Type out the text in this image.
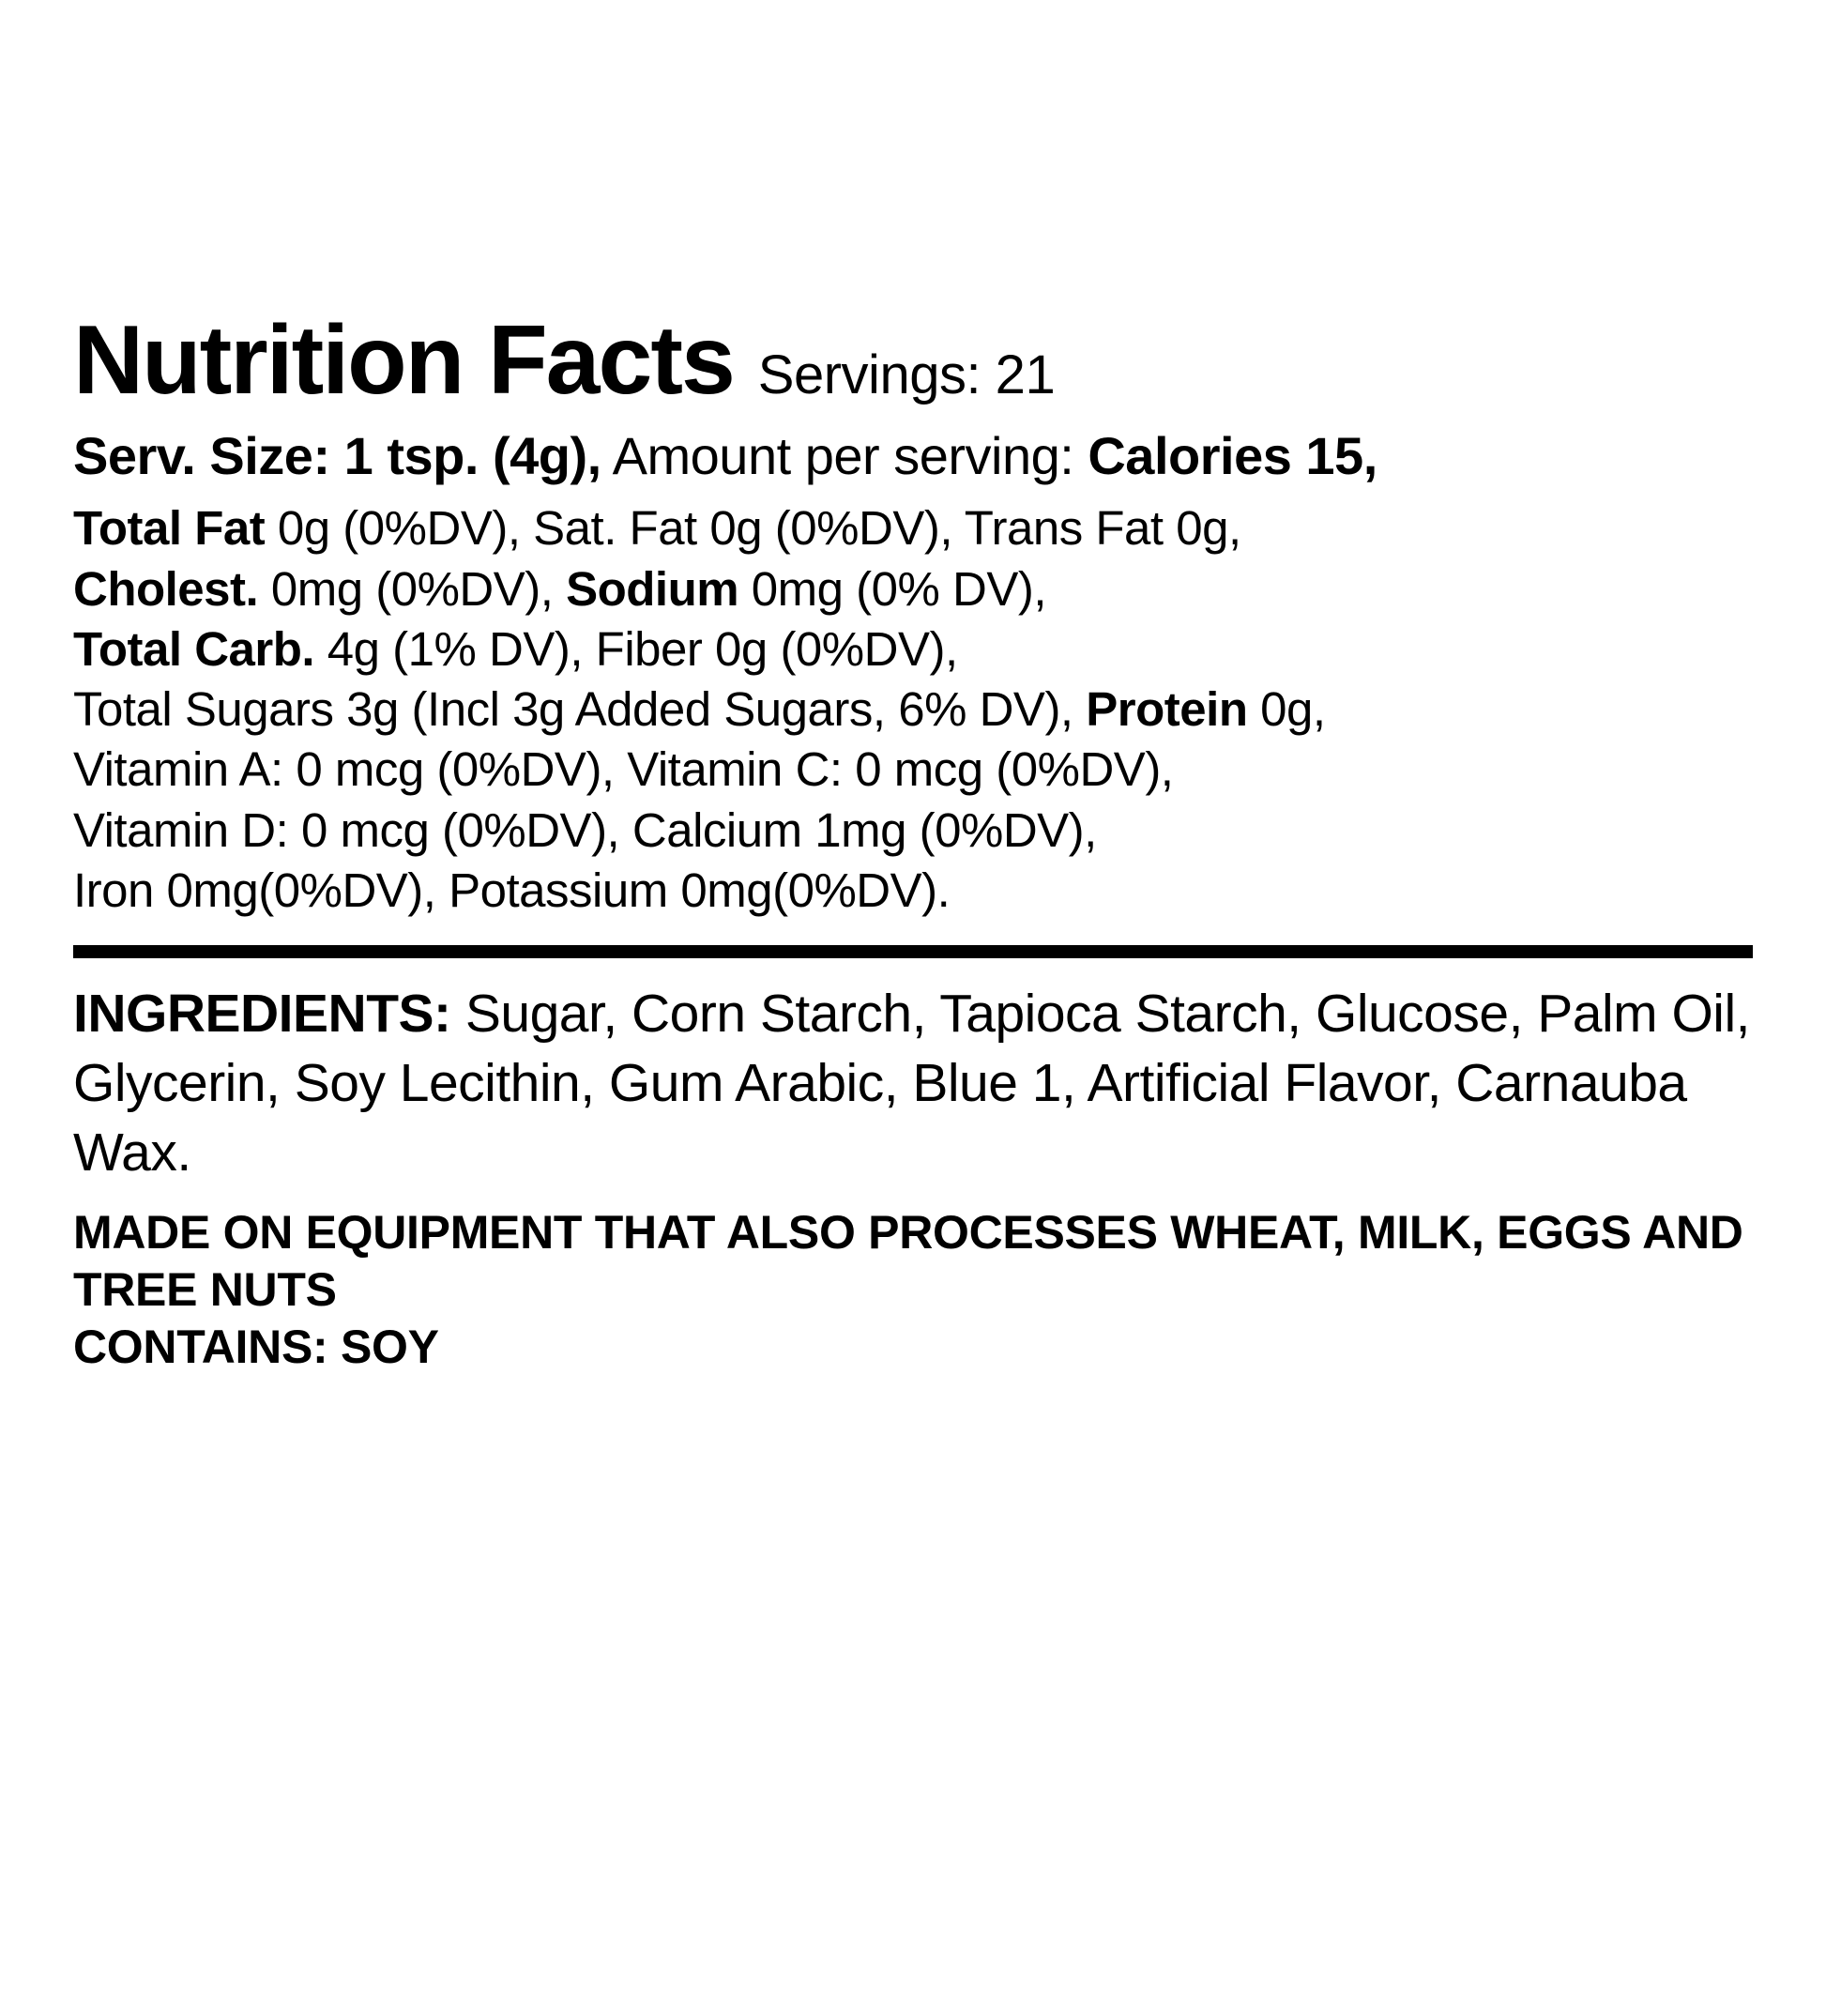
Nutrition Facts Servings: 21
Serv. Size: 1 tsp. (4g), Amount per serving: Calories 15,
Total Fat 0g (0%DV), Sat. Fat 0g (0%DV), Trans Fat 0g,
Cholest. 0mg (0%DV), Sodium 0mg (0% DV),
Total Carb. 4g (1% DV), Fiber 0g (0%DV),
Total Sugars 3g (Incl 3g Added Sugars, 6% DV), Protein 0g,
Vitamin A: 0 mcg (0%DV), Vitamin C: 0 mcg (0%DV),
Vitamin D: 0 mcg (0%DV), Calcium 1mg (0%DV),
Iron 0mg(0%DV), Potassium 0mg(0%DV).
INGREDIENTS: Sugar, Corn Starch, Tapioca Starch, Glucose, Palm Oil, Glycerin, Soy Lecithin, Gum Arabic, Blue 1, Artificial Flavor, Carnauba Wax.
MADE ON EQUIPMENT THAT ALSO PROCESSES WHEAT, MILK, EGGS AND TREE NUTS
CONTAINS: SOY
